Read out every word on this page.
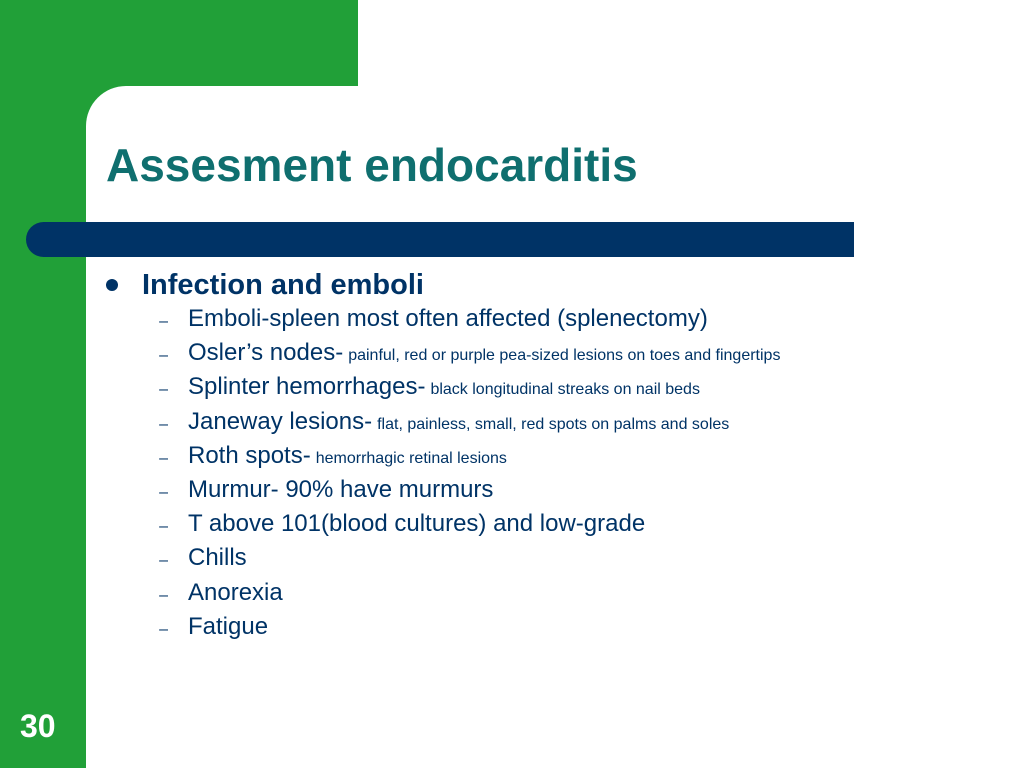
Assesment endocarditis
Infection and emboli
– Emboli-spleen most often affected (splenectomy)
– Osler’s nodes- painful, red or purple pea-sized lesions on toes and fingertips
– Splinter hemorrhages- black longitudinal streaks on nail beds
– Janeway lesions- flat, painless, small, red spots on palms and soles
– Roth spots- hemorrhagic retinal lesions
– Murmur- 90% have murmurs
– T above 101(blood cultures) and low-grade
– Chills
– Anorexia
– Fatigue
30
